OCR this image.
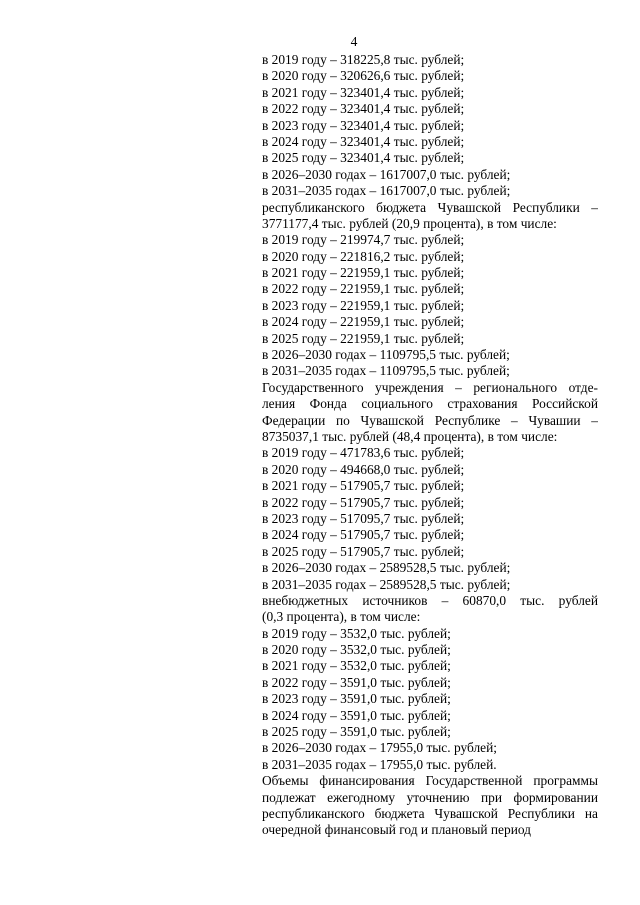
4
в 2019 году – 318225,8 тыс. рублей;
в 2020 году – 320626,6 тыс. рублей;
в 2021 году – 323401,4 тыс. рублей;
в 2022 году – 323401,4 тыс. рублей;
в 2023 году – 323401,4 тыс. рублей;
в 2024 году – 323401,4 тыс. рублей;
в 2025 году – 323401,4 тыс. рублей;
в 2026–2030 годах – 1617007,0 тыс. рублей;
в 2031–2035 годах – 1617007,0 тыс. рублей;
республиканского бюджета Чувашской Республики –
3771177,4 тыс. рублей (20,9 процента), в том числе:
в 2019 году – 219974,7 тыс. рублей;
в 2020 году – 221816,2 тыс. рублей;
в 2021 году – 221959,1 тыс. рублей;
в 2022 году – 221959,1 тыс. рублей;
в 2023 году – 221959,1 тыс. рублей;
в 2024 году – 221959,1 тыс. рублей;
в 2025 году – 221959,1 тыс. рублей;
в 2026–2030 годах – 1109795,5 тыс. рублей;
в 2031–2035 годах – 1109795,5 тыс. рублей;
Государственного учреждения – регионального отде-
ления Фонда социального страхования Российской
Федерации по Чувашской Республике – Чувашии –
8735037,1 тыс. рублей (48,4 процента), в том числе:
в 2019 году – 471783,6 тыс. рублей;
в 2020 году – 494668,0 тыс. рублей;
в 2021 году – 517905,7 тыс. рублей;
в 2022 году – 517905,7 тыс. рублей;
в 2023 году – 517095,7 тыс. рублей;
в 2024 году – 517905,7 тыс. рублей;
в 2025 году – 517905,7 тыс. рублей;
в 2026–2030 годах – 2589528,5 тыс. рублей;
в 2031–2035 годах – 2589528,5 тыс. рублей;
внебюджетных источников – 60870,0 тыс. рублей
(0,3 процента), в том числе:
в 2019 году – 3532,0 тыс. рублей;
в 2020 году – 3532,0 тыс. рублей;
в 2021 году – 3532,0 тыс. рублей;
в 2022 году – 3591,0 тыс. рублей;
в 2023 году – 3591,0 тыс. рублей;
в 2024 году – 3591,0 тыс. рублей;
в 2025 году – 3591,0 тыс. рублей;
в 2026–2030 годах – 17955,0 тыс. рублей;
в 2031–2035 годах – 17955,0 тыс. рублей.
Объемы финансирования Государственной программы
подлежат ежегодному уточнению при формировании
республиканского бюджета Чувашской Республики на
очередной финансовый год и плановый период
